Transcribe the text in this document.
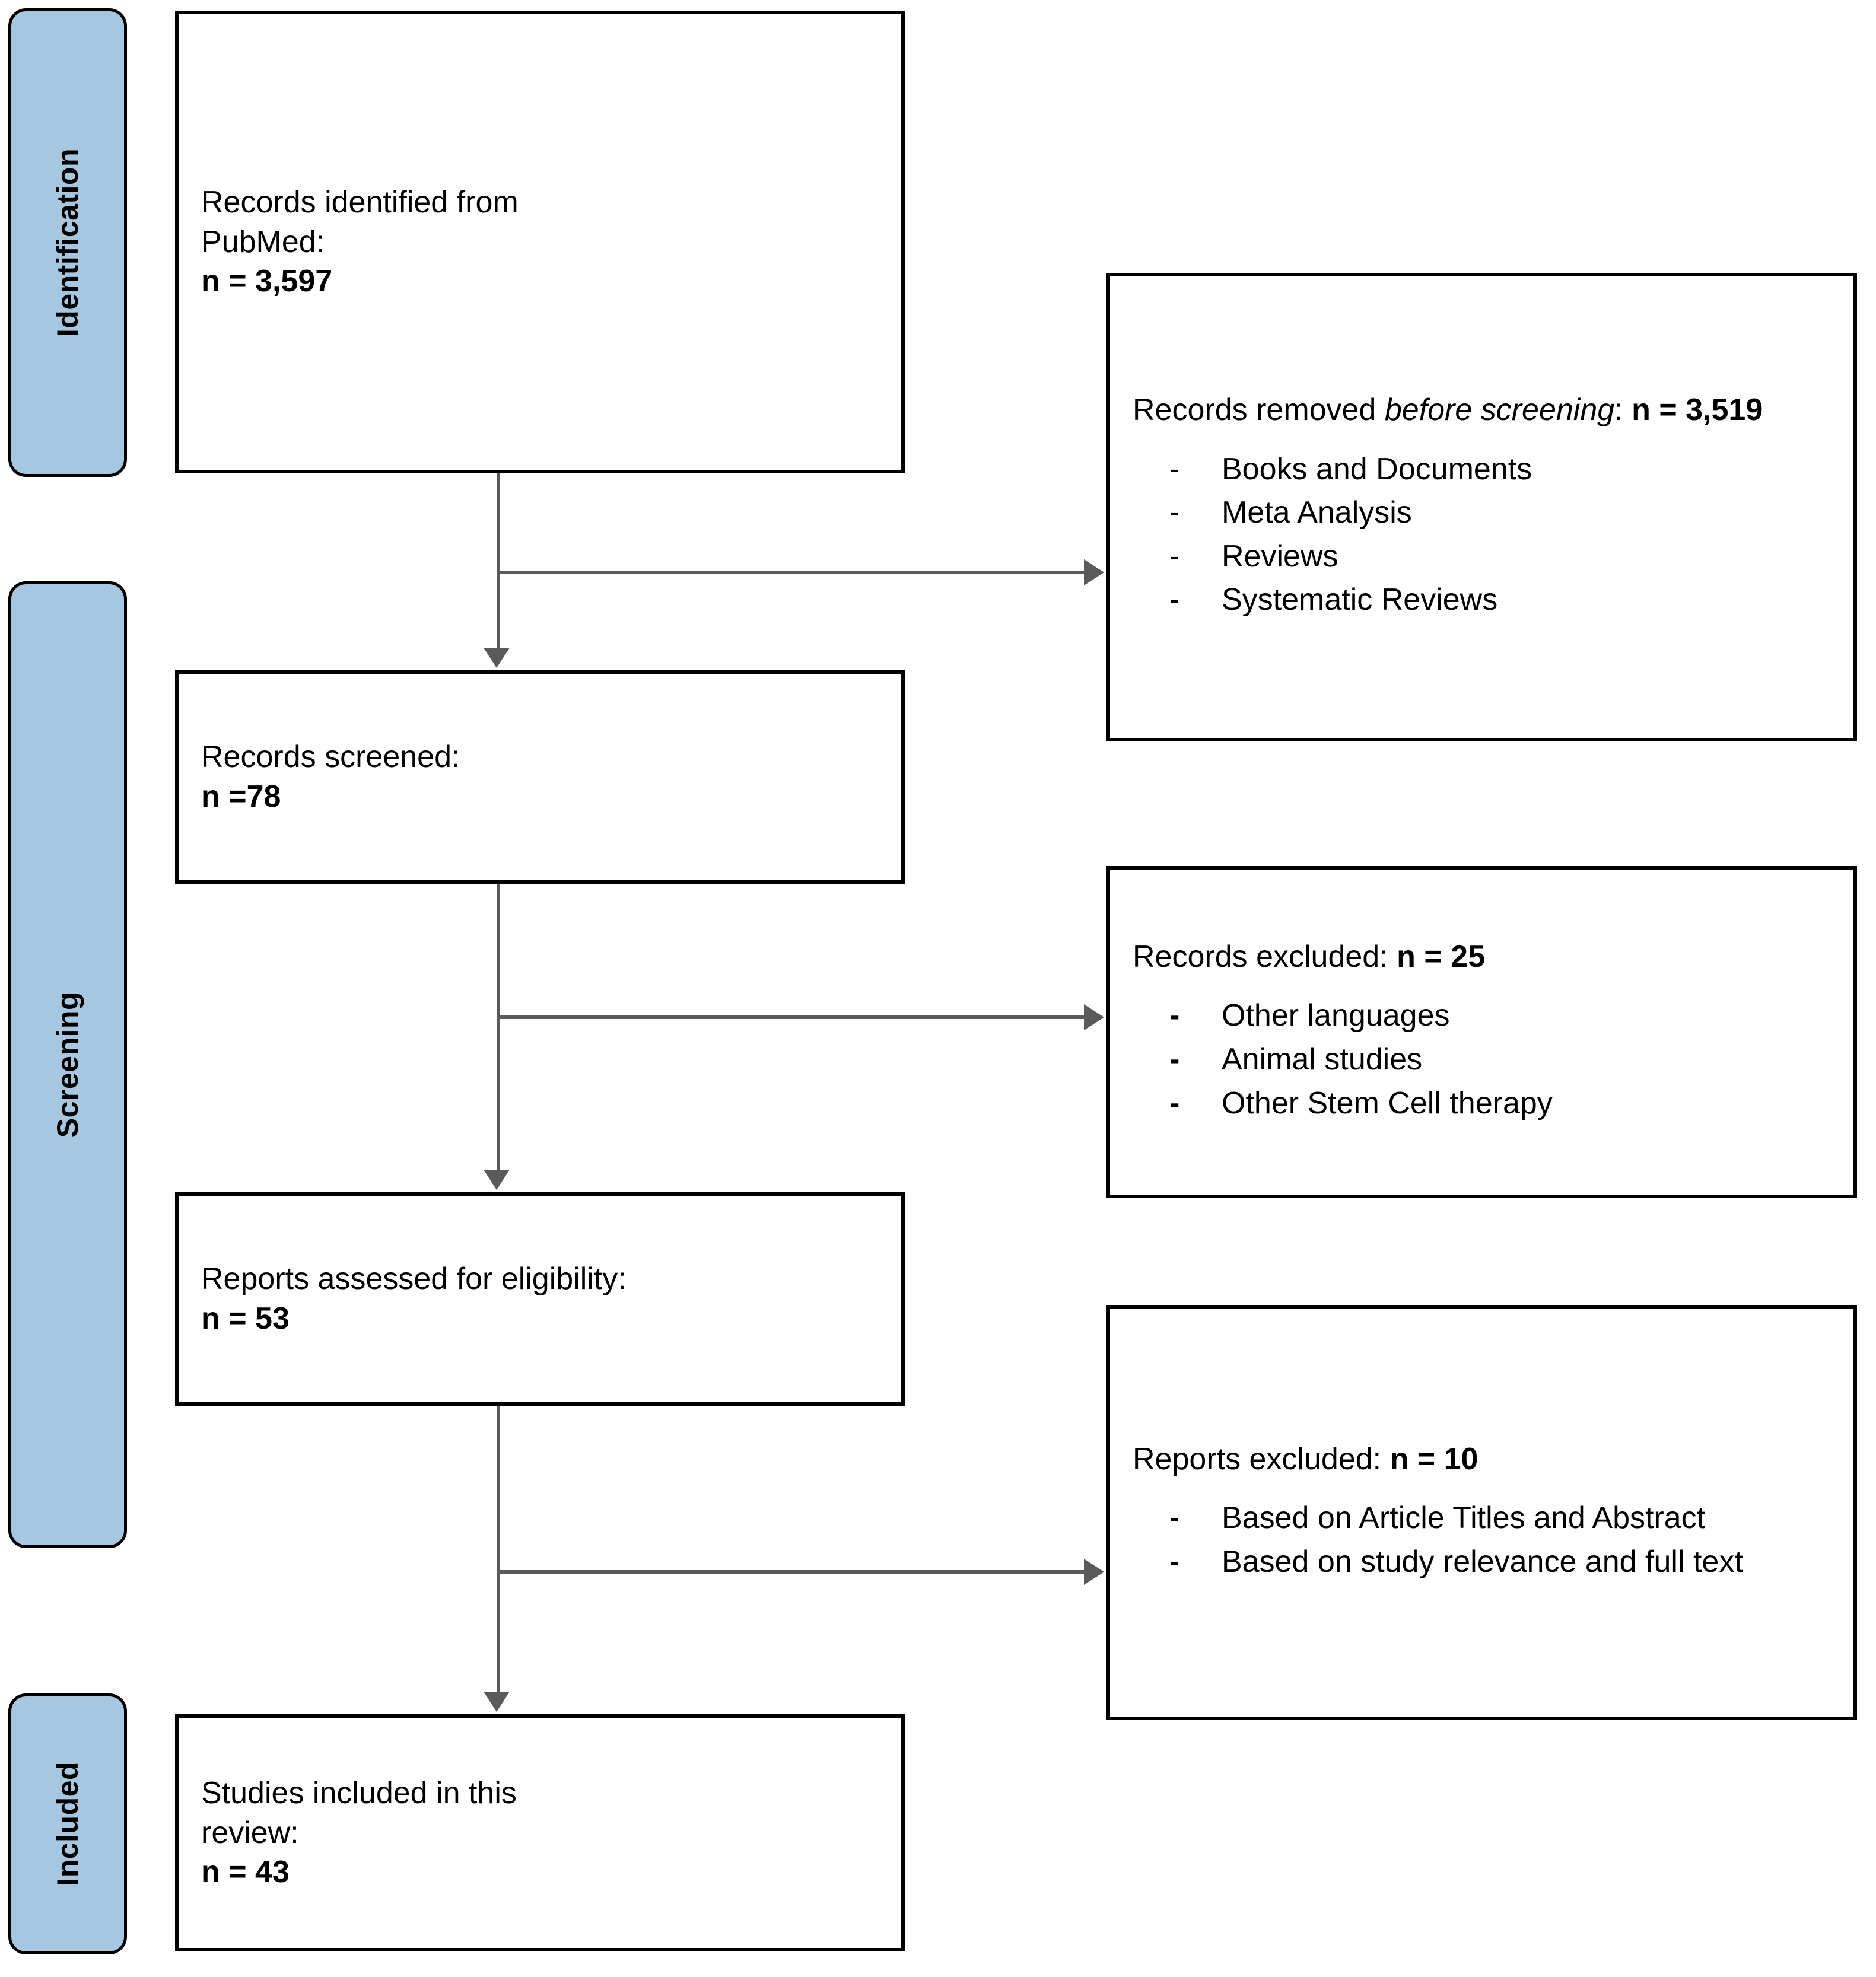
Identification
Screening
Included
Records identified from
PubMed:
n = 3,597
Records removed before screening: n = 3,519
-	Books and Documents
-	Meta Analysis
-	Reviews
-	Systematic Reviews
Records screened:
n =78
Records excluded: n = 25
-	Other languages
-	Animal studies
-	Other Stem Cell therapy
Reports assessed for eligibility:
n = 53
Reports excluded: n = 10
-	Based on Article Titles and Abstract
-	Based on study relevance and full text
Studies included in this
review:
n = 43
